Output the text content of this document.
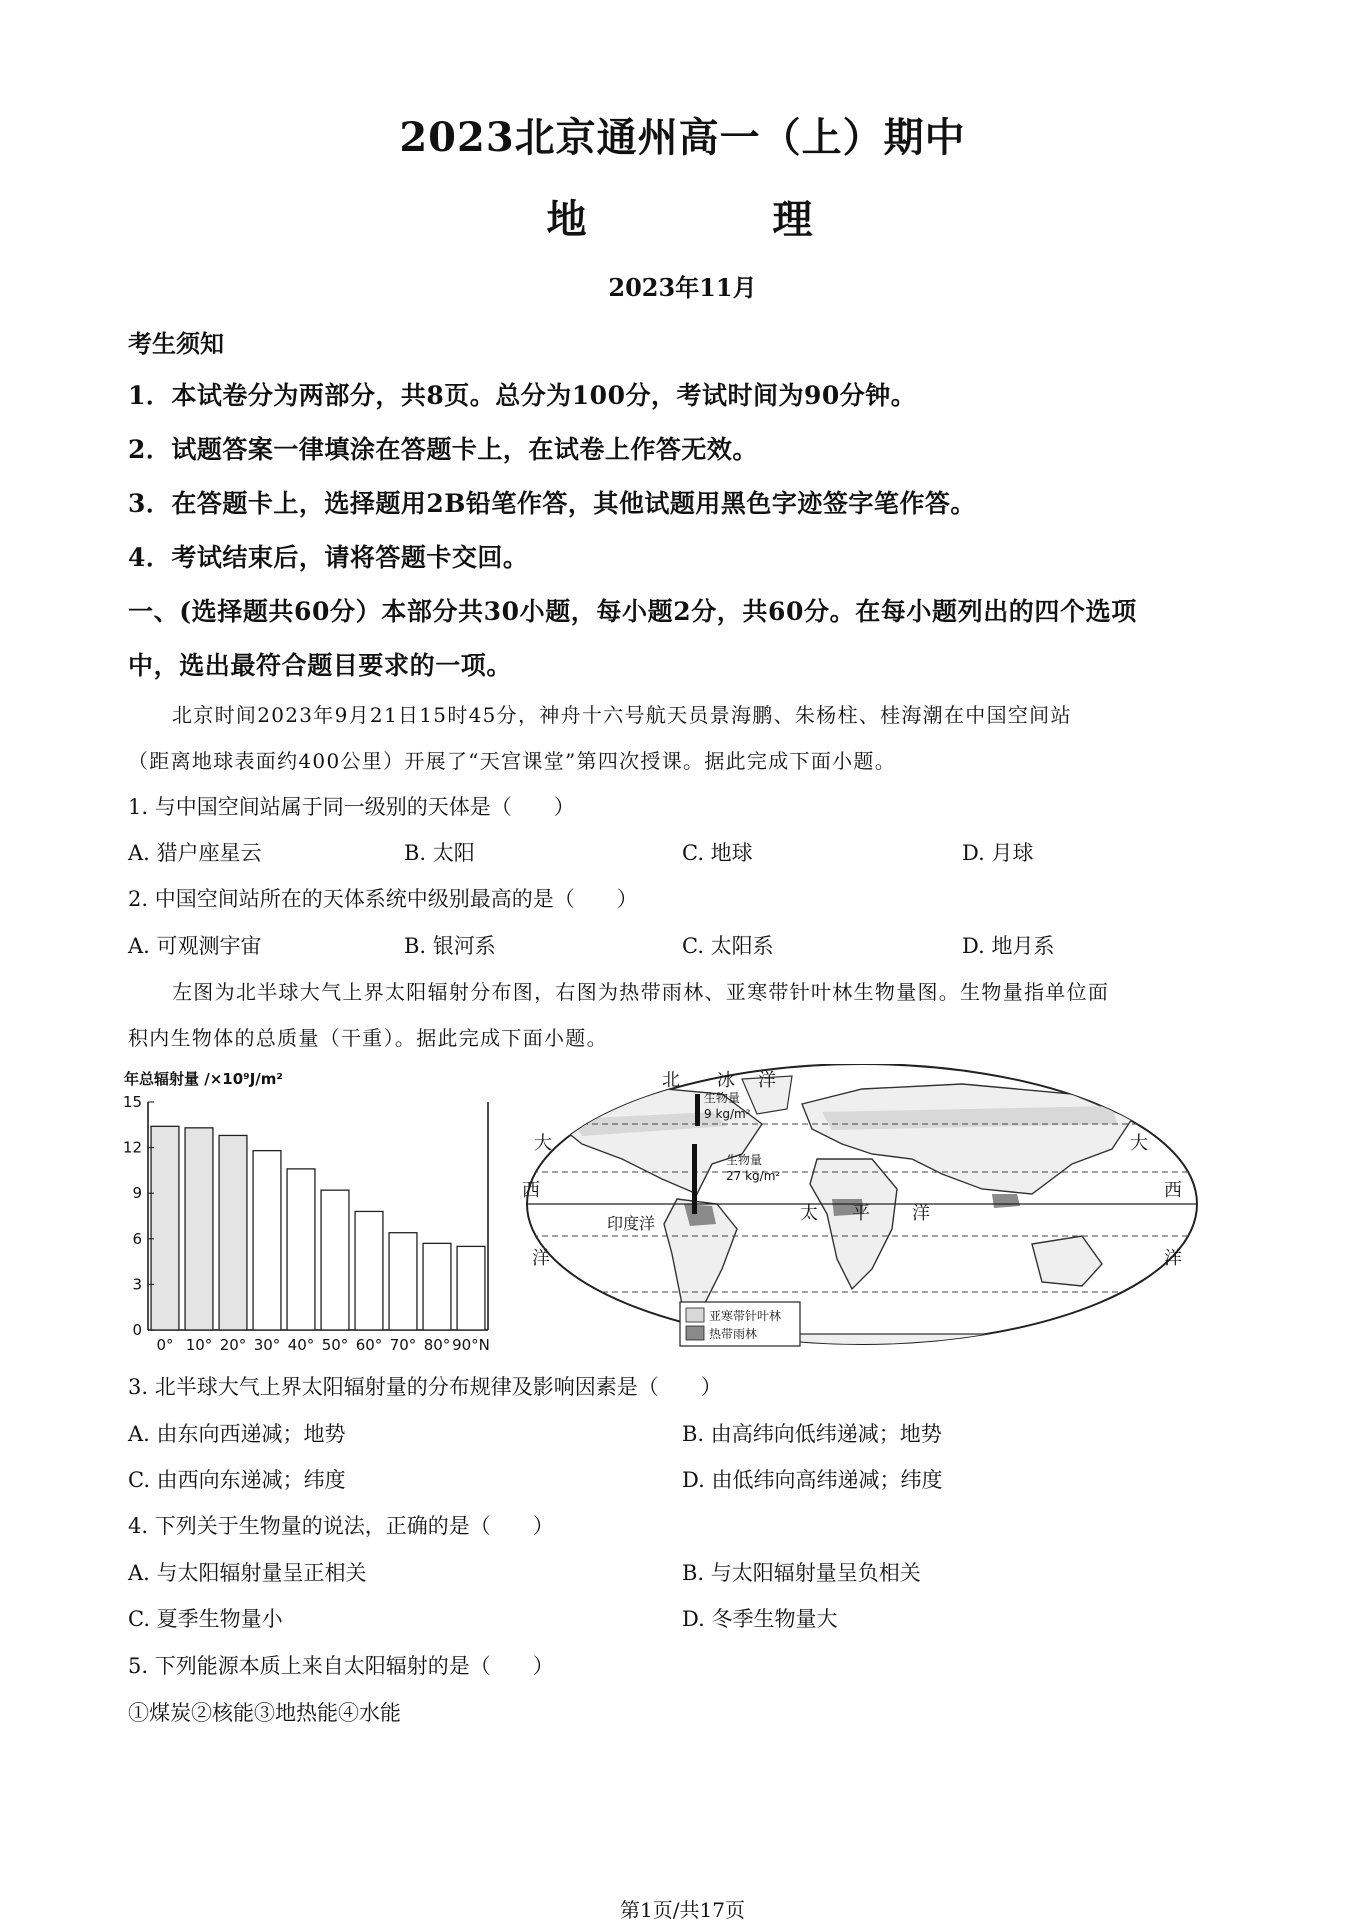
2023北京通州高一（上）期中
地 理
2023年11月
考生须知
1．本试卷分为两部分，共8页。总分为100分，考试时间为90分钟。
2．试题答案一律填涂在答题卡上，在试卷上作答无效。
3．在答题卡上，选择题用2B铅笔作答，其他试题用黑色字迹签字笔作答。
4．考试结束后，请将答题卡交回。
一、(选择题共60分）本部分共30小题，每小题2分，共60分。在每小题列出的四个选项
中，选出最符合题目要求的一项。
北京时间2023年9月21日15时45分，神舟十六号航天员景海鹏、朱杨柱、桂海潮在中国空间站
（距离地球表面约400公里）开展了“天宫课堂”第四次授课。据此完成下面小题。
1. 与中国空间站属于同一级别的天体是（　　）
A. 猎户座星云	B. 太阳	C. 地球	D. 月球
2. 中国空间站所在的天体系统中级别最高的是（　　）
A. 可观测宇宙	B. 银河系	C. 太阳系	D. 地月系
左图为北半球大气上界太阳辐射分布图，右图为热带雨林、亚寒带针叶林生物量图。生物量指单位面
积内生物体的总质量（干重）。据此完成下面小题。
年总辐射量 /×10⁹J/m²
0
3
6
9
12
15
0° 10° 20° 30° 40° 50° 60° 70° 80° 90°N
生物量
9 kg/m²
生物量
27 kg/m²
北 冰 洋
大	大
西	西
印度洋	太 平 洋
洋	洋
亚寒带针叶林
热带雨林
3. 北半球大气上界太阳辐射量的分布规律及影响因素是（　　）
A. 由东向西递减；地势	B. 由高纬向低纬递减；地势
C. 由西向东递减；纬度	D. 由低纬向高纬递减；纬度
4. 下列关于生物量的说法，正确的是（　　）
A. 与太阳辐射量呈正相关	B. 与太阳辐射量呈负相关
C. 夏季生物量小	D. 冬季生物量大
5. 下列能源本质上来自太阳辐射的是（　　）
①煤炭②核能③地热能④水能
第1页/共17页
